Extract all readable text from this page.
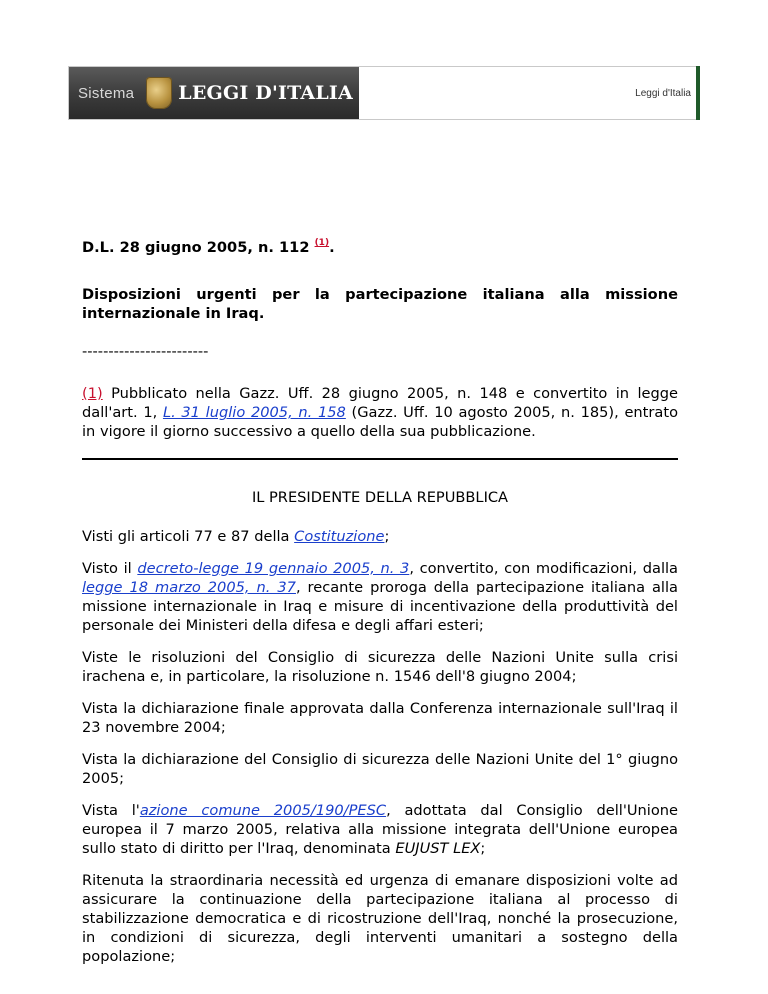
Sistema LEGGI D'ITALIA	Leggi d'Italia

D.L. 28 giugno 2005, n. 112 $^{(1)}$.

Disposizioni urgenti per la partecipazione italiana alla missione internazionale in Iraq.

------------------------

(1) Pubblicato nella Gazz. Uff. 28 giugno 2005, n. 148 e convertito in legge dall'art. 1, L. 31 luglio 2005, n. 158 (Gazz. Uff. 10 agosto 2005, n. 185), entrato in vigore il giorno successivo a quello della sua pubblicazione.

IL PRESIDENTE DELLA REPUBBLICA

Visti gli articoli 77 e 87 della Costituzione;

Visto il decreto-legge 19 gennaio 2005, n. 3, convertito, con modificazioni, dalla legge 18 marzo 2005, n. 37, recante proroga della partecipazione italiana alla missione internazionale in Iraq e misure di incentivazione della produttività del personale dei Ministeri della difesa e degli affari esteri;

Viste le risoluzioni del Consiglio di sicurezza delle Nazioni Unite sulla crisi irachena e, in particolare, la risoluzione n. 1546 dell'8 giugno 2004;

Vista la dichiarazione finale approvata dalla Conferenza internazionale sull'Iraq il 23 novembre 2004;

Vista la dichiarazione del Consiglio di sicurezza delle Nazioni Unite del 1° giugno 2005;

Vista l'azione comune 2005/190/PESC, adottata dal Consiglio dell'Unione europea il 7 marzo 2005, relativa alla missione integrata dell'Unione europea sullo stato di diritto per l'Iraq, denominata EUJUST LEX;

Ritenuta la straordinaria necessità ed urgenza di emanare disposizioni volte ad assicurare la continuazione della partecipazione italiana al processo di stabilizzazione democratica e di ricostruzione dell'Iraq, nonché la prosecuzione, in condizioni di sicurezza, degli interventi umanitari a sostegno della popolazione;
